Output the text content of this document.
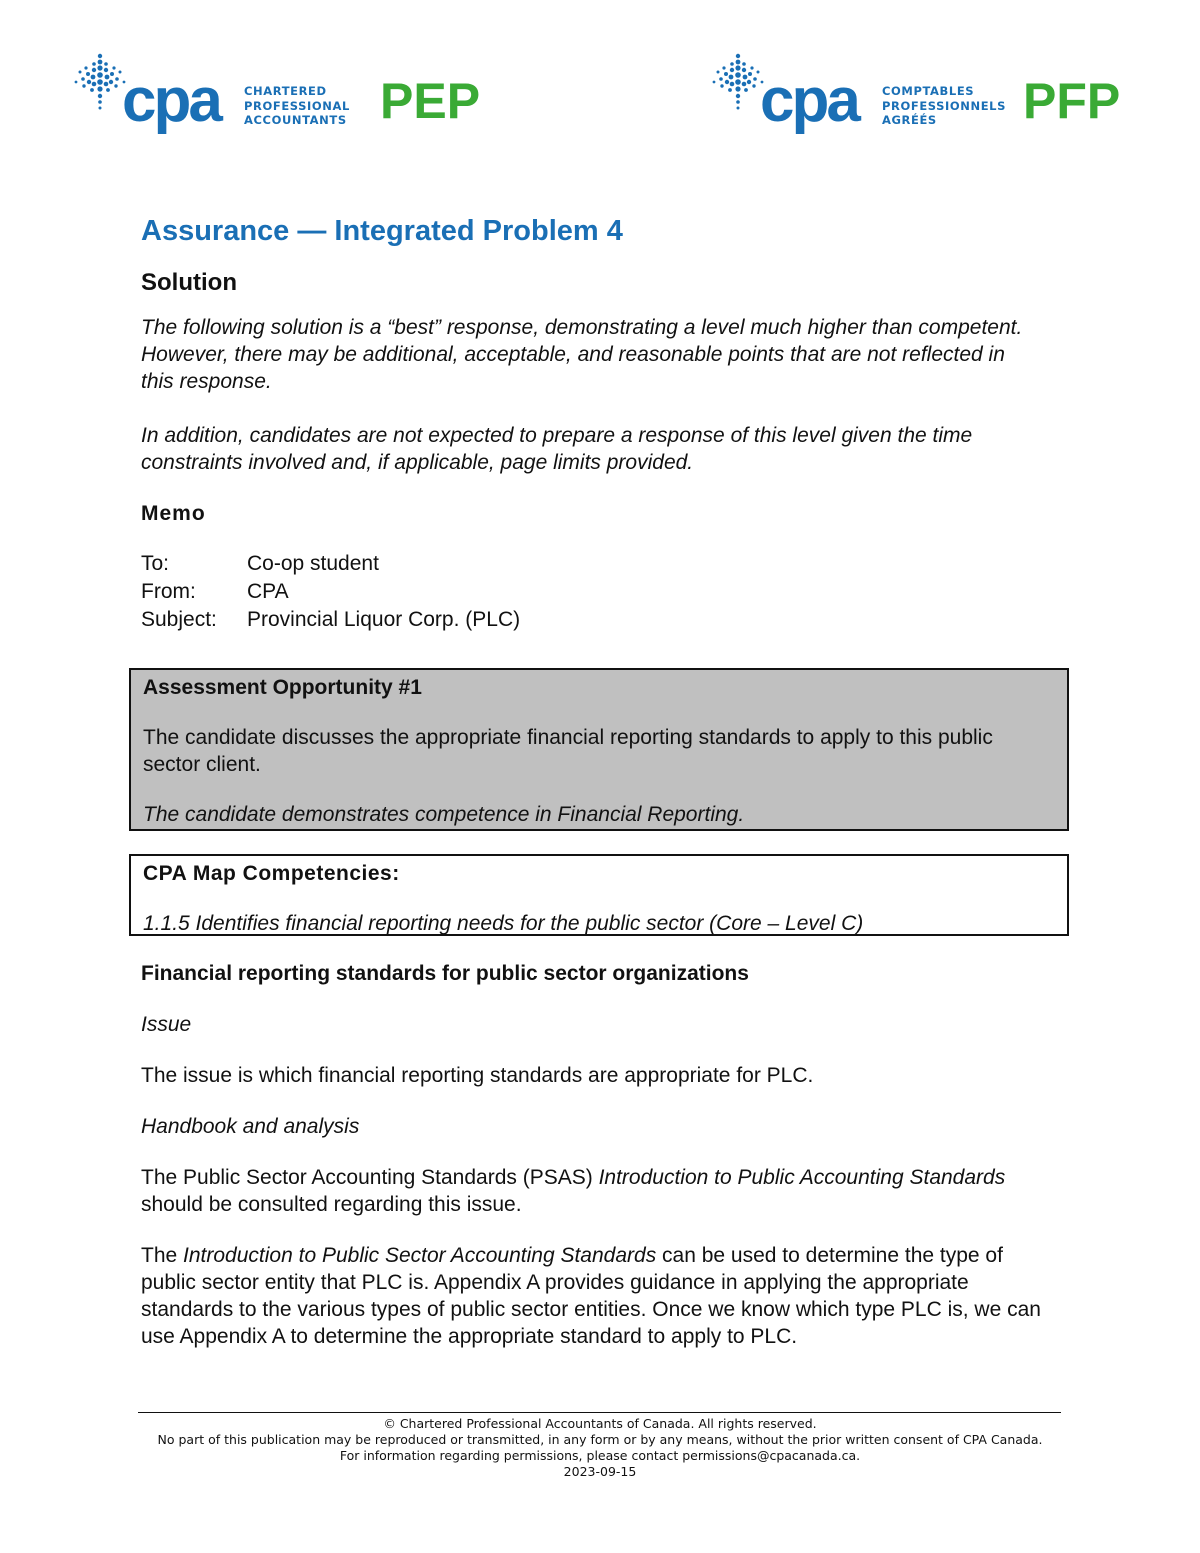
cpa CHARTERED
PROFESSIONAL
ACCOUNTANTS PEP	cpa COMPTABLES
PROFESSIONNELS
AGRÉÉS	PFP
Assurance — Integrated Problem 4
Solution

The following solution is a “best” response, demonstrating a level much higher than competent. However, there may be additional, acceptable, and reasonable points that are not reflected in this response.

In addition, candidates are not expected to prepare a response of this level given the time constraints involved and, if applicable, page limits provided.

Memo
To:	Co-op student
From:	CPA
Subject:	Provincial Liquor Corp. (PLC)
Assessment Opportunity #1

The candidate discusses the appropriate financial reporting standards to apply to this public sector client.

The candidate demonstrates competence in Financial Reporting.

CPA Map Competencies:

1.1.5 Identifies financial reporting needs for the public sector (Core – Level C)

Financial reporting standards for public sector organizations

Issue

The issue is which financial reporting standards are appropriate for PLC.

Handbook and analysis

The Public Sector Accounting Standards (PSAS) Introduction to Public Accounting Standards should be consulted regarding this issue.

The Introduction to Public Sector Accounting Standards can be used to determine the type of public sector entity that PLC is. Appendix A provides guidance in applying the appropriate standards to the various types of public sector entities. Once we know which type PLC is, we can use Appendix A to determine the appropriate standard to apply to PLC.

© Chartered Professional Accountants of Canada. All rights reserved.
No part of this publication may be reproduced or transmitted, in any form or by any means, without the prior written consent of CPA Canada.
For information regarding permissions, please contact permissions@cpacanada.ca.
2023-09-15
